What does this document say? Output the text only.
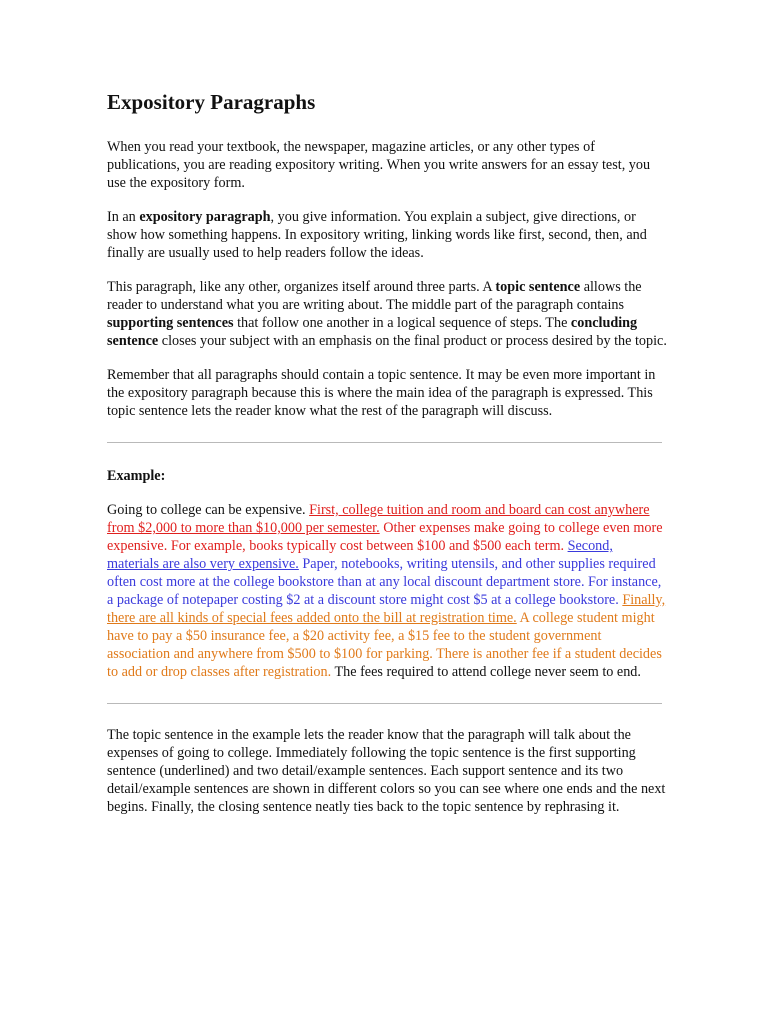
Expository Paragraphs

When you read your textbook, the newspaper, magazine articles, or any other types of publications, you are reading expository writing. When you write answers for an essay test, you use the expository form.

In an expository paragraph, you give information. You explain a subject, give directions, or show how something happens. In expository writing, linking words like first, second, then, and finally are usually used to help readers follow the ideas.

This paragraph, like any other, organizes itself around three parts. A topic sentence allows the reader to understand what you are writing about. The middle part of the paragraph contains supporting sentences that follow one another in a logical sequence of steps. The concluding sentence closes your subject with an emphasis on the final product or process desired by the topic.

Remember that all paragraphs should contain a topic sentence. It may be even more important in the expository paragraph because this is where the main idea of the paragraph is expressed. This topic sentence lets the reader know what the rest of the paragraph will discuss.

Example:

Going to college can be expensive. First, college tuition and room and board can cost anywhere from $2,000 to more than $10,000 per semester. Other expenses make going to college even more expensive. For example, books typically cost between $100 and $500 each term. Second, materials are also very expensive. Paper, notebooks, writing utensils, and other supplies required often cost more at the college bookstore than at any local discount department store. For instance, a package of notepaper costing $2 at a discount store might cost $5 at a college bookstore. Finally, there are all kinds of special fees added onto the bill at registration time. A college student might have to pay a $50 insurance fee, a $20 activity fee, a $15 fee to the student government association and anywhere from $500 to $100 for parking. There is another fee if a student decides to add or drop classes after registration. The fees required to attend college never seem to end.

The topic sentence in the example lets the reader know that the paragraph will talk about the expenses of going to college. Immediately following the topic sentence is the first supporting sentence (underlined) and two detail/example sentences. Each support sentence and its two detail/example sentences are shown in different colors so you can see where one ends and the next begins. Finally, the closing sentence neatly ties back to the topic sentence by rephrasing it.
